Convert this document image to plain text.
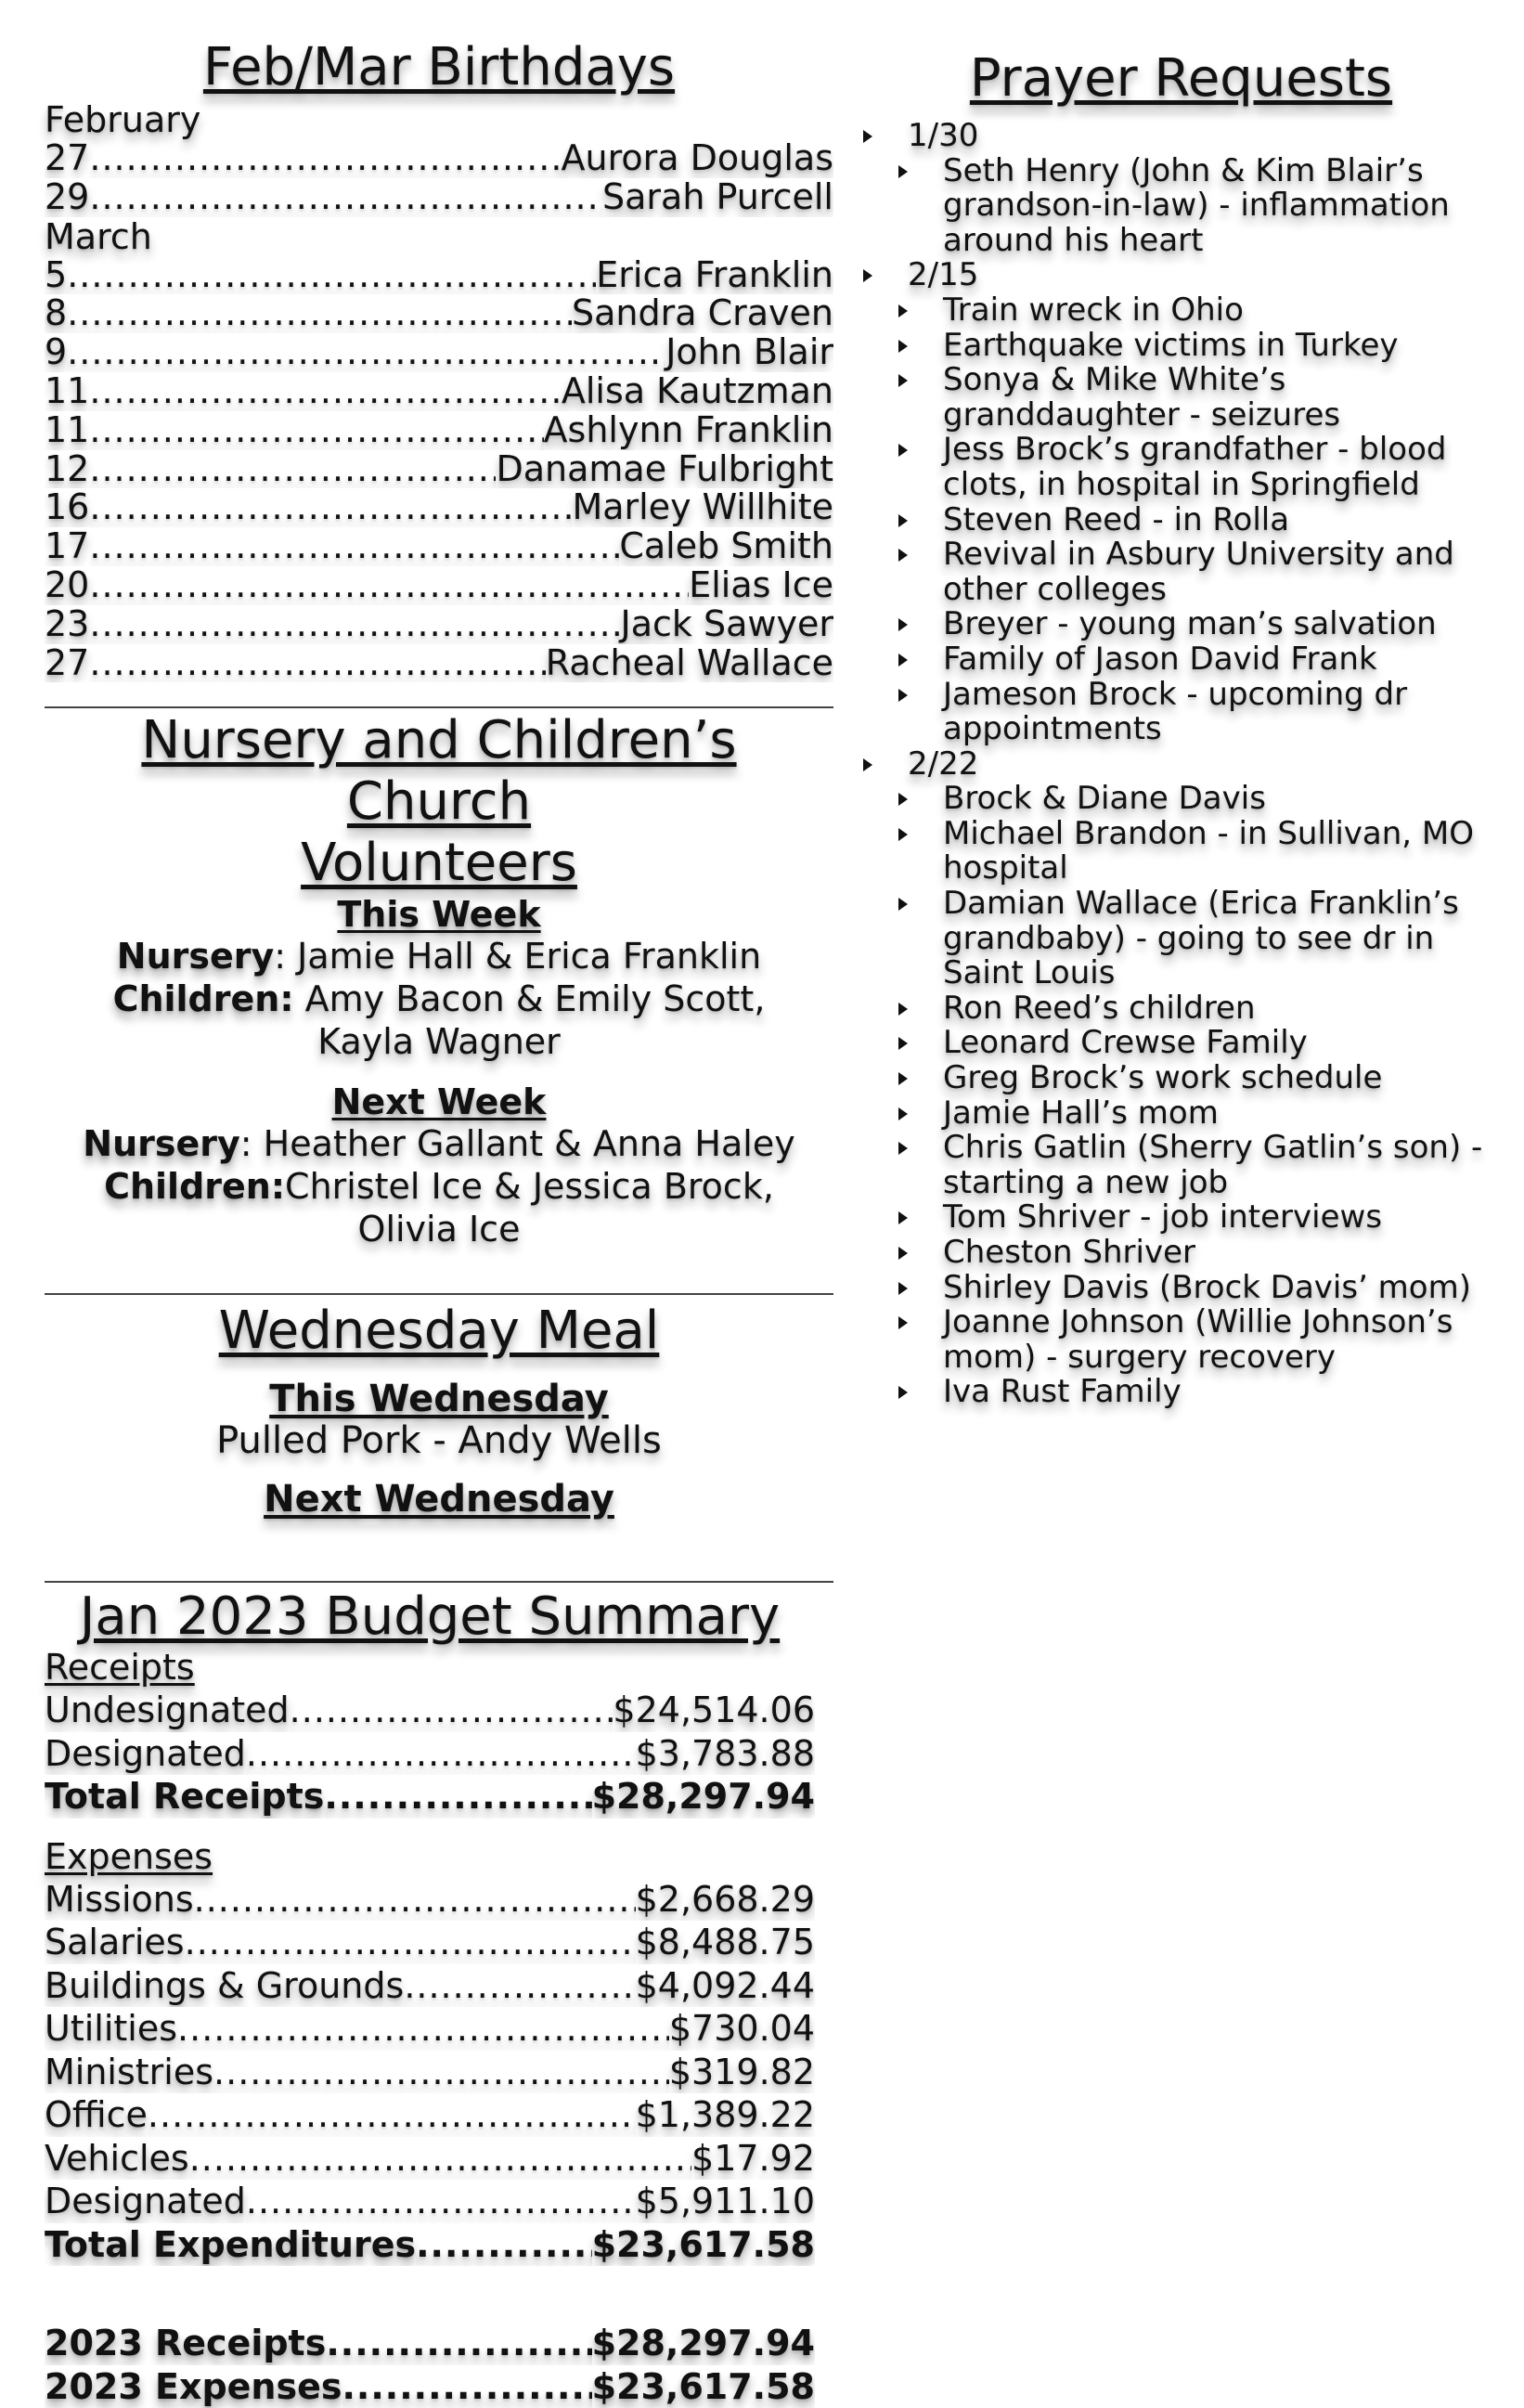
Feb/Mar Birthdays

February

27 .....	Aurora Douglas
29 .....	Sarah Purcell

March

5 .....	Erica Franklin
8 .....	Sandra Craven
9 .....	John Blair
11 .....	Alisa Kautzman
11 .....	Ashlynn Franklin
12 .....	Danamae Fulbright
16 .....	Marley Willhite
17 .....	Caleb Smith
20 .....	Elias Ice
23 .....	Jack Sawyer
27 .....	Racheal Wallace
Nursery and Children’s Church
Volunteers

This Week

Nursery: Jamie Hall & Erica Franklin

Children: Amy Bacon & Emily Scott, Kayla Wagner

Next Week

Nursery: Heather Gallant & Anna Haley

Children:Christel Ice & Jessica Brock, Olivia Ice

Wednesday Meal

This Wednesday

Pulled Pork - Andy Wells

Next Wednesday

Jan 2023 Budget Summary

Receipts

Undesignated .....	$24,514.06
Designated .....	$3,783.88
Total Receipts .....	$28,297.94

Expenses

Missions .....	$2,668.29
Salaries .....	$8,488.75
Buildings & Grounds .....	$4,092.44
Utilities .....	$730.04
Ministries .....	$319.82
Office .....	$1,389.22
Vehicles .....	$17.92
Designated .....	$5,911.10
Total Expenditures .....	$23,617.58
2023 Receipts .....	$28,297.94
2023 Expenses .....	$23,617.58
Prayer Requests
1/30
Seth Henry (John & Kim Blair’s grandson-in-law) - inflammation around his heart
2/15
Train wreck in Ohio
Earthquake victims in Turkey
Sonya & Mike White’s granddaughter - seizures
Jess Brock’s grandfather - blood clots, in hospital in Springfield
Steven Reed - in Rolla
Revival in Asbury University and other colleges
Breyer - young man’s salvation
Family of Jason David Frank
Jameson Brock - upcoming dr appointments
2/22
Brock & Diane Davis
Michael Brandon - in Sullivan, MO hospital
Damian Wallace (Erica Franklin’s grandbaby) - going to see dr in Saint Louis
Ron Reed’s children
Leonard Crewse Family
Greg Brock’s work schedule
Jamie Hall’s mom
Chris Gatlin (Sherry Gatlin’s son) - starting a new job
Tom Shriver - job interviews
Cheston Shriver
Shirley Davis (Brock Davis’ mom)
Joanne Johnson (Willie Johnson’s mom) - surgery recovery
Iva Rust Family
